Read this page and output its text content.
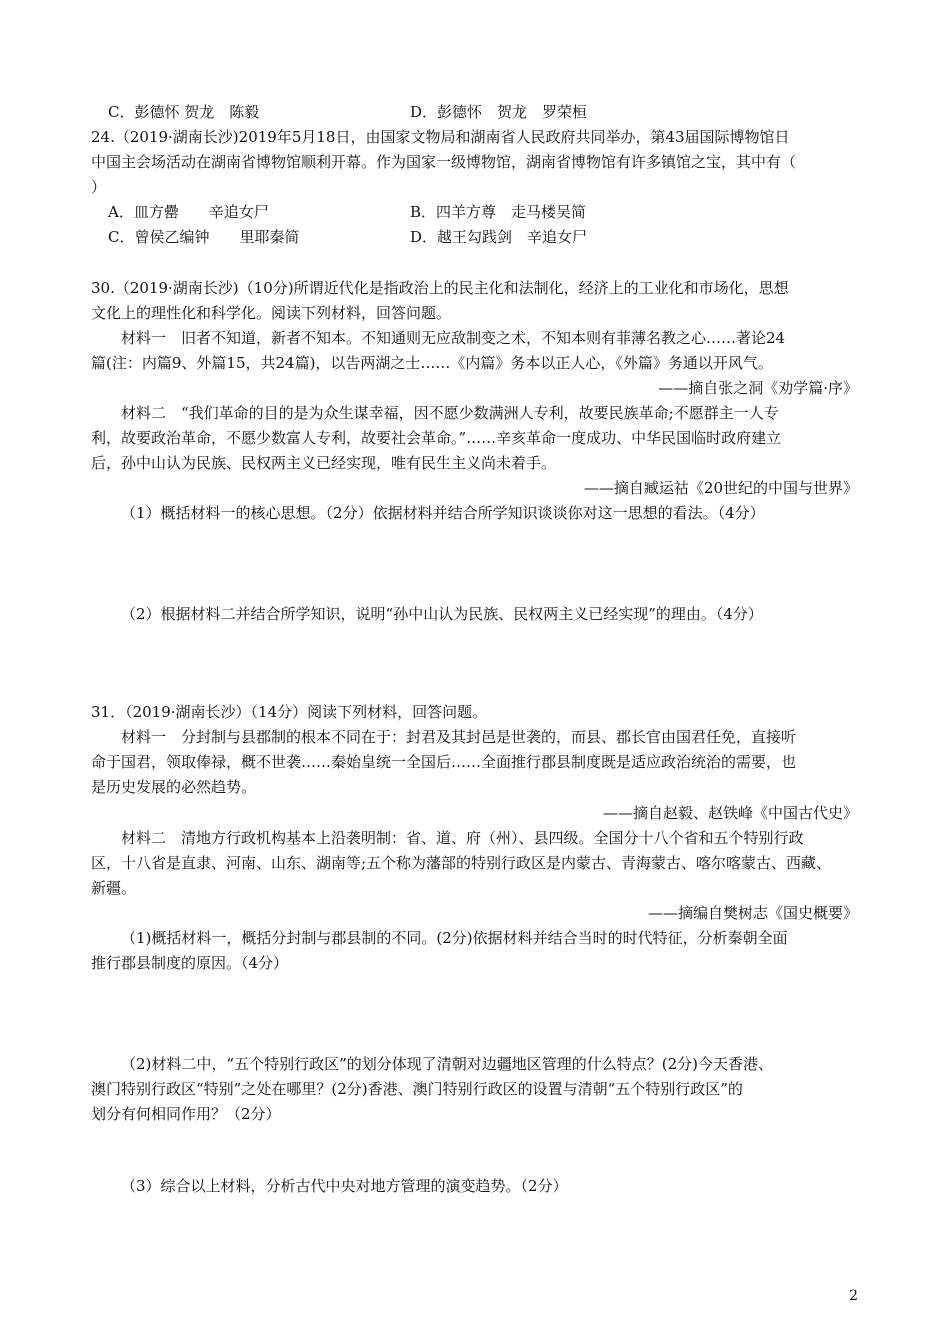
C．彭德怀 贺龙　陈毅	D．彭德怀　贺龙　罗荣桓
24.（2019·湖南长沙)2019年5月18日，由国家文物局和湖南省人民政府共同举办，第43届国际博物馆日
中国主会场活动在湖南省博物馆顺利开幕。作为国家一级博物馆，湖南省博物馆有许多镇馆之宝，其中有（
）
A．皿方罍　　辛追女尸	B．四羊方尊　走马楼吴简
C．曾侯乙编钟　　里耶秦简	D．越王勾践剑　辛追女尸
30.（2019·湖南长沙)（10分)所谓近代化是指政治上的民主化和法制化，经济上的工业化和市场化，思想
文化上的理性化和科学化。阅读下列材料，回答问题。
材料一　旧者不知道，新者不知本。不知通则无应敌制变之术，不知本则有菲薄名教之心……著论24
篇(注：内篇9、外篇15，共24篇)，以告两湖之士……《内篇》务本以正人心，《外篇》务通以开风气。
——摘自张之洞《劝学篇·序》
材料二　“我们革命的目的是为众生谋幸福，因不愿少数满洲人专利，故要民族革命;不愿群主一人专
利，故要政治革命，不愿少数富人专利，故要社会革命。”……辛亥革命一度成功、中华民国临时政府建立
后，孙中山认为民族、民权两主义已经实现，唯有民生主义尚未着手。
——摘自臧运祜《20世纪的中国与世界》
（1）概括材料一的核心思想。（2分）依据材料并结合所学知识谈谈你对这一思想的看法。（4分）
（2）根据材料二并结合所学知识，说明“孙中山认为民族、民权两主义已经实现”的理由。（4分）
31．（2019·湖南长沙）（14分）阅读下列材料，回答问题。
材料一　分封制与县郡制的根本不同在于：封君及其封邑是世袭的，而县、郡长官由国君任免，直接听
命于国君，领取俸禄，概不世袭……秦始皇统一全国后……全面推行郡县制度既是适应政治统治的需要，也
是历史发展的必然趋势。
——摘自赵毅、赵铁峰《中国古代史》
材料二　清地方行政机构基本上沿袭明制：省、道、府（州）、县四级。全国分十八个省和五个特别行政
区，十八省是直隶、河南、山东、湖南等;五个称为藩部的特别行政区是内蒙古、青海蒙古、喀尔喀蒙古、西藏、
新疆。
——摘编自樊树志《国史概要》
（1)概括材料一，概括分封制与郡县制的不同。(2分)依据材料并结合当时的时代特征，分析秦朝全面
推行郡县制度的原因。（4分）
（2)材料二中，“五个特别行政区”的划分体现了清朝对边疆地区管理的什么特点？(2分)今天香港、
澳门特别行政区“特别”之处在哪里？(2分)香港、澳门特别行政区的设置与清朝“五个特别行政区”的
划分有何相同作用？（2分）
（3）综合以上材料，分析古代中央对地方管理的演变趋势。（2分）
2
